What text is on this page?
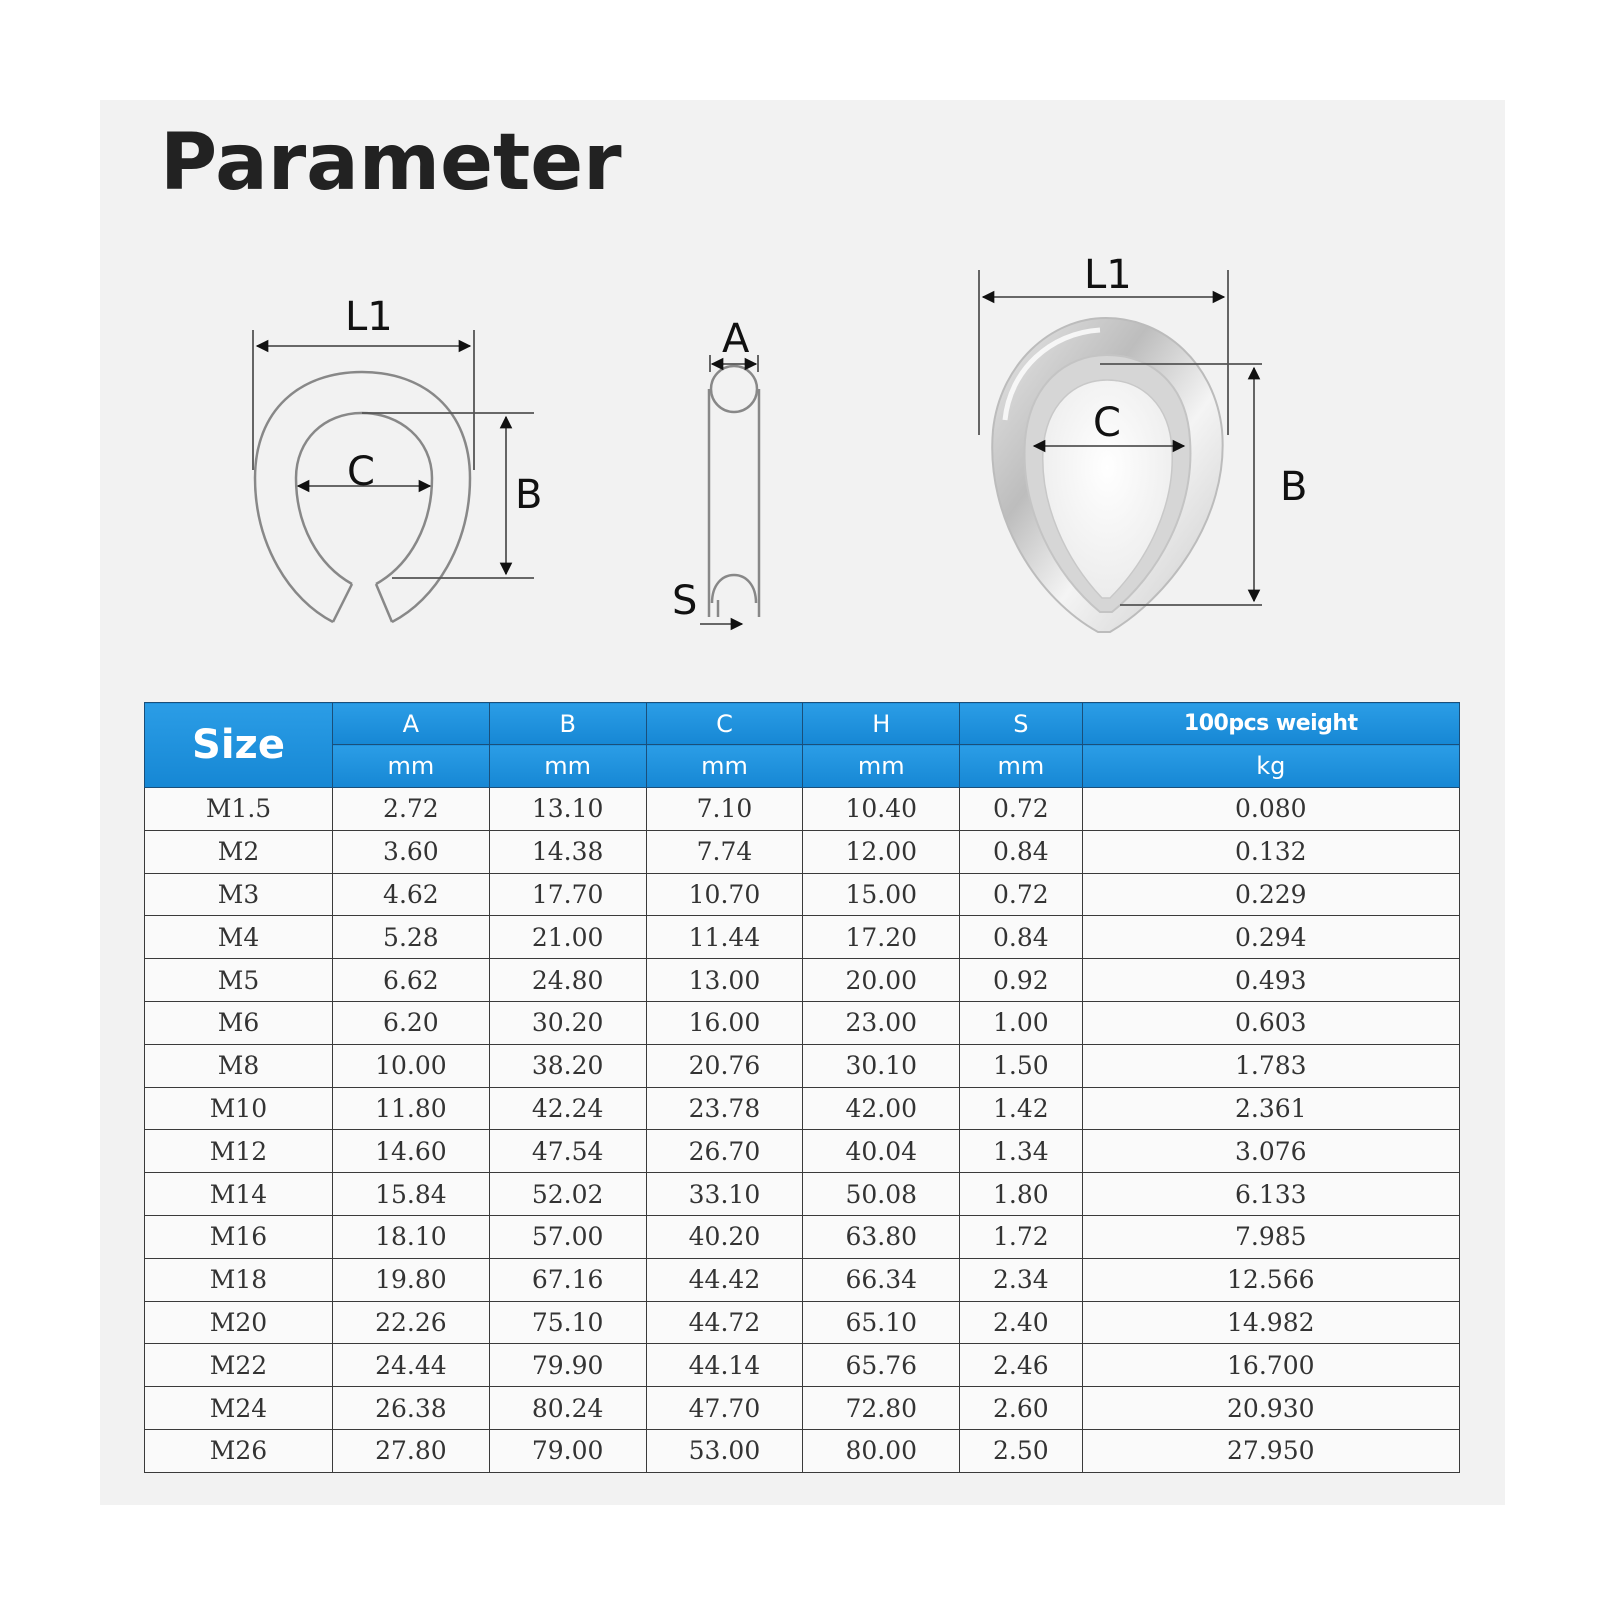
Parameter
L1
C	B
A
S
L1
C
B
Size	A	B	C	H	S	100pcs weight
	mm	mm	mm	mm	mm	kg
M1.5	2.72	13.10	7.10	10.40	0.72	0.080
M2	3.60	14.38	7.74	12.00	0.84	0.132
M3	4.62	17.70	10.70	15.00	0.72	0.229
M4	5.28	21.00	11.44	17.20	0.84	0.294
M5	6.62	24.80	13.00	20.00	0.92	0.493
M6	6.20	30.20	16.00	23.00	1.00	0.603
M8	10.00	38.20	20.76	30.10	1.50	1.783
M10	11.80	42.24	23.78	42.00	1.42	2.361
M12	14.60	47.54	26.70	40.04	1.34	3.076
M14	15.84	52.02	33.10	50.08	1.80	6.133
M16	18.10	57.00	40.20	63.80	1.72	7.985
M18	19.80	67.16	44.42	66.34	2.34	12.566
M20	22.26	75.10	44.72	65.10	2.40	14.982
M22	24.44	79.90	44.14	65.76	2.46	16.700
M24	26.38	80.24	47.70	72.80	2.60	20.930
M26	27.80	79.00	53.00	80.00	2.50	27.950
